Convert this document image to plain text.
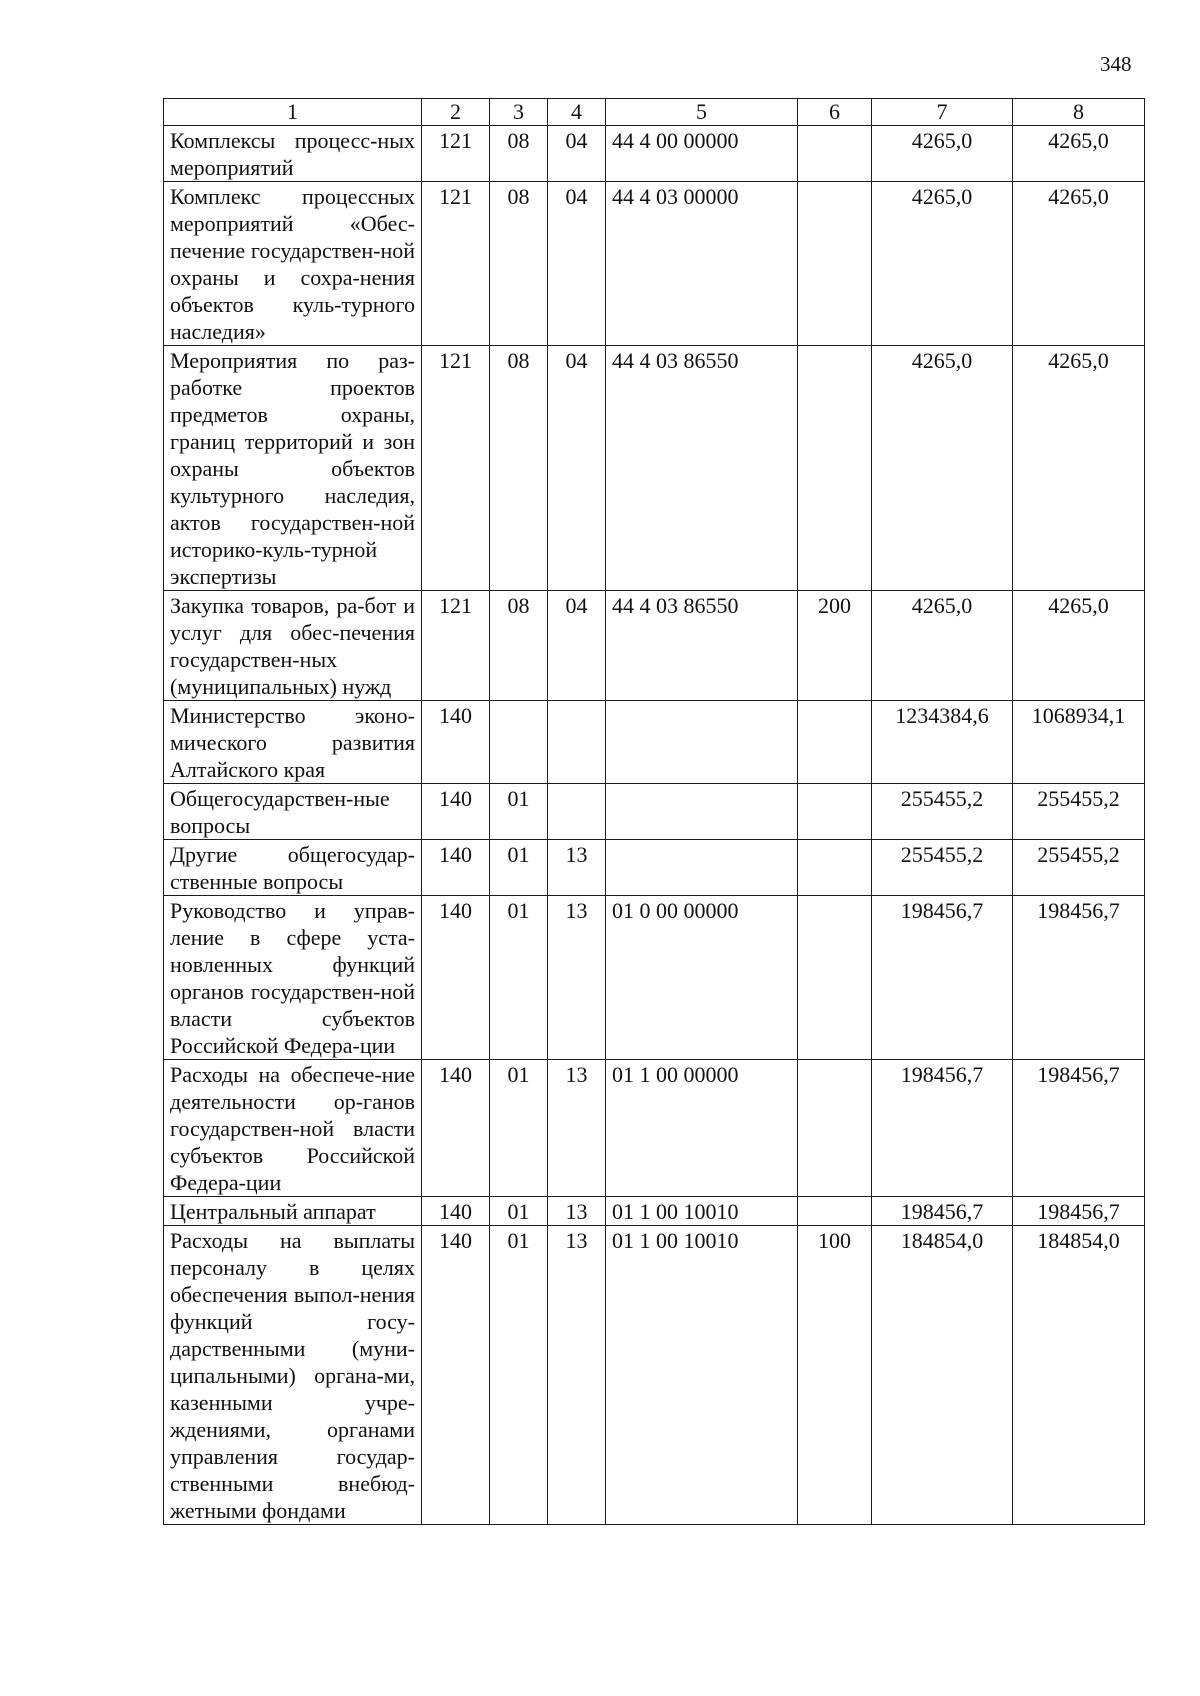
348
1	2	3	4	5	6	7	8
Комплексы процесс-ных мероприятий	121	08	04	44 4 00 00000		4265,0	4265,0
Комплекс процессных мероприятий «Обес-печение государствен-ной охраны и сохра-нения объектов куль-турного наследия»	121	08	04	44 4 03 00000		4265,0	4265,0
Мероприятия по раз-работке проектов предметов охраны, границ территорий и зон охраны объектов культурного наследия, актов государствен-ной историко-куль-турной экспертизы	121	08	04	44 4 03 86550		4265,0	4265,0
Закупка товаров, ра-бот и услуг для обес-печения государствен-ных (муниципальных) нужд	121	08	04	44 4 03 86550	200	4265,0	4265,0
Министерство эконо-мического развития Алтайского края	140					1234384,6	1068934,1
Общегосударствен-ные вопросы	140	01				255455,2	255455,2
Другие общегосудар-ственные вопросы	140	01	13			255455,2	255455,2
Руководство и управ-ление в сфере уста-новленных функций органов государствен-ной власти субъектов Российской Федера-ции	140	01	13	01 0 00 00000		198456,7	198456,7
Расходы на обеспече-ние деятельности ор-ганов государствен-ной власти субъектов Российской Федера-ции	140	01	13	01 1 00 00000		198456,7	198456,7
Центральный аппарат	140	01	13	01 1 00 10010		198456,7	198456,7
Расходы на выплаты персоналу в целях обеспечения выпол-нения функций госу-дарственными (муни-ципальными) органа-ми, казенными учре-ждениями, органами управления государ-ственными внебюд-жетными фондами	140	01	13	01 1 00 10010	100	184854,0	184854,0
